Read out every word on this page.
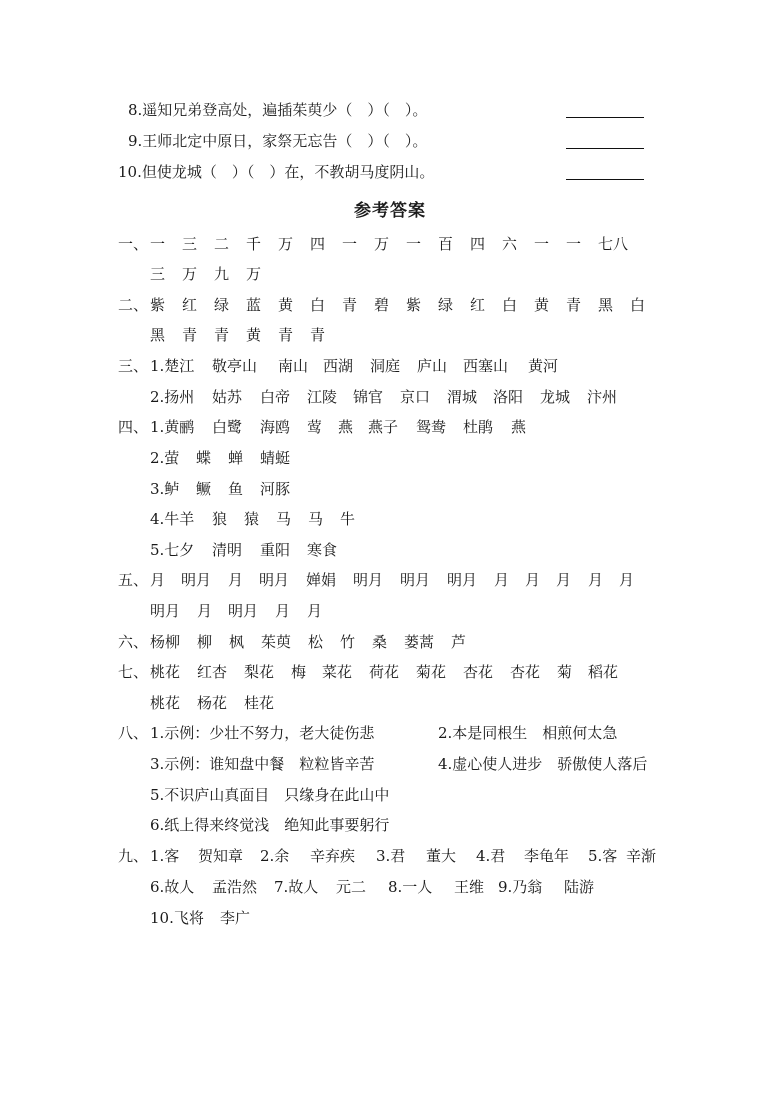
8.遥知兄弟登高处，遍插茱萸少（　）（　）。
9.王师北定中原日，家祭无忘告（　）（　）。
10.但使龙城（　）（　）在，不教胡马度阴山。
参考答案
一、 一 三 二 千 万 四 一 万 一 百 四 六 一 一 七八
三 万 九 万
二、 紫 红 绿 蓝 黄 白 青 碧 紫 绿 红 白 黄 青 黑 白
黑 青 青 黄 青 青
三、 1.楚江 敬亭山 南山 西湖 洞庭 庐山 西塞山 黄河
2.扬州 姑苏 白帝 江陵 锦官 京口 渭城 洛阳 龙城 汴州
四、 1.黄鹂 白鹭 海鸥 莺 燕 燕子 鸳鸯 杜鹃 燕
2.萤 蝶 蝉 蜻蜓
3.鲈 鳜 鱼 河豚
4.牛羊 狼 猿 马 马 牛
5.七夕 清明 重阳 寒食
五、 月 明月 月 明月 婵娟 明月 明月 明月 月 月 月 月 月
明月 月 明月 月 月
六、 杨柳 柳 枫 茱萸 松 竹 桑 蒌蒿 芦
七、 桃花 红杏 梨花 梅 菜花 荷花 菊花 杏花 杏花 菊 稻花
桃花 杨花 桂花
八、 1.示例：少壮不努力，老大徒伤悲	2.本是同根生　相煎何太急
3.示例：谁知盘中餐　粒粒皆辛苦	4.虚心使人进步　骄傲使人落后
5.不识庐山真面目　只缘身在此山中
6.纸上得来终觉浅　绝知此事要躬行
九、 1.客 贺知章 2.余 辛弃疾 3.君 董大 4.君 李龟年 5.客 辛渐
6.故人 孟浩然 7.故人 元二 8.一人 王维 9.乃翁 陆游
10.飞将 李广
